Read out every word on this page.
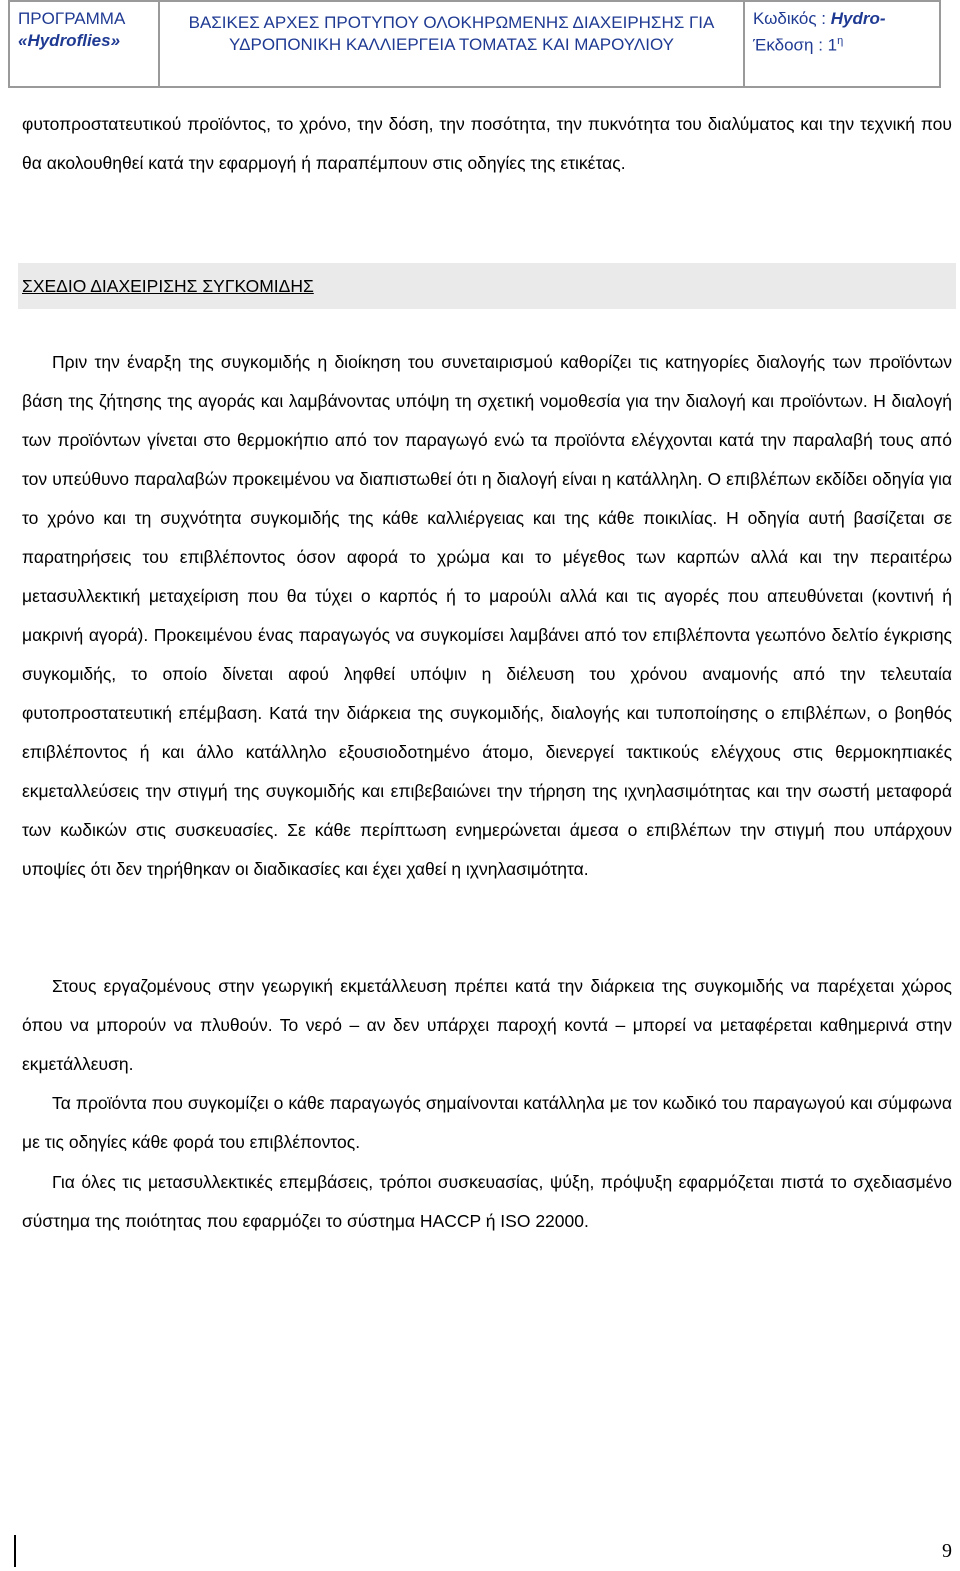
ΠΡΟΓΡΑΜΜΑ
«Hydroflies»
ΒΑΣΙΚΕΣ ΑΡΧΕΣ ΠΡΟΤΥΠΟΥ ΟΛΟΚΗΡΩΜΕΝΗΣ ΔΙΑΧΕΙΡΗΣΗΣ ΓΙΑ
ΥΔΡΟΠΟΝΙΚΗ ΚΑΛΛΙΕΡΓΕΙΑ ΤΟΜΑΤΑΣ ΚΑΙ ΜΑΡΟΥΛΙΟΥ
Κωδικός : Hydro-
Έκδοση : $1^\eta$
φυτοπροστατευτικού προϊόντος, το χρόνο, την δόση, την ποσότητα, την πυκνότητα του διαλύματος και την τεχνική που θα ακολουθηθεί κατά την εφαρμογή ή παραπέμπουν στις οδηγίες της ετικέτας.
ΣΧΕΔΙΟ ΔΙΑΧΕΙΡΙΣΗΣ ΣΥΓΚΟΜΙΔΗΣ
Πριν την έναρξη της συγκομιδής η διοίκηση του συνεταιρισμού καθορίζει τις κατηγορίες διαλογής των προϊόντων βάση της ζήτησης της αγοράς και λαμβάνοντας υπόψη τη σχετική νομοθεσία για την διαλογή και προϊόντων. Η διαλογή των προϊόντων γίνεται στο θερμοκήπιο από τον παραγωγό ενώ τα προϊόντα ελέγχονται κατά την παραλαβή τους από τον υπεύθυνο παραλαβών προκειμένου να διαπιστωθεί ότι η διαλογή είναι η κατάλληλη. Ο επιβλέπων εκδίδει οδηγία για το χρόνο και τη συχνότητα συγκομιδής της κάθε καλλιέργειας και της κάθε ποικιλίας. Η οδηγία αυτή βασίζεται σε παρατηρήσεις του επιβλέποντος όσον αφορά το χρώμα και το μέγεθος των καρπών αλλά και την περαιτέρω μετασυλλεκτική μεταχείριση που θα τύχει ο καρπός ή το μαρούλι αλλά και τις αγορές που απευθύνεται (κοντινή ή μακρινή αγορά). Προκειμένου ένας παραγωγός να συγκομίσει λαμβάνει από τον επιβλέποντα γεωπόνο δελτίο έγκρισης συγκομιδής, το οποίο δίνεται αφού ληφθεί υπόψιν η διέλευση του χρόνου αναμονής από την τελευταία φυτοπροστατευτική επέμβαση. Κατά την διάρκεια της συγκομιδής, διαλογής και τυποποίησης ο επιβλέπων, ο βοηθός επιβλέποντος ή και άλλο κατάλληλο εξουσιοδοτημένο άτομο, διενεργεί τακτικούς ελέγχους στις θερμοκηπιακές εκμεταλλεύσεις την στιγμή της συγκομιδής και επιβεβαιώνει την τήρηση της ιχνηλασιμότητας και την σωστή μεταφορά των κωδικών στις συσκευασίες. Σε κάθε περίπτωση ενημερώνεται άμεσα ο επιβλέπων την στιγμή που υπάρχουν υποψίες ότι δεν τηρήθηκαν οι διαδικασίες και έχει χαθεί η ιχνηλασιμότητα.
Στους εργαζομένους στην γεωργική εκμετάλλευση πρέπει κατά την διάρκεια της συγκομιδής να παρέχεται χώρος όπου να μπορούν να πλυθούν. Το νερό – αν δεν υπάρχει παροχή κοντά – μπορεί να μεταφέρεται καθημερινά στην εκμετάλλευση.
Τα προϊόντα που συγκομίζει ο κάθε παραγωγός σημαίνονται κατάλληλα με τον κωδικό του παραγωγού και σύμφωνα με τις οδηγίες κάθε φορά του επιβλέποντος.
Για όλες τις μετασυλλεκτικές επεμβάσεις, τρόποι συσκευασίας, ψύξη, πρόψυξη εφαρμόζεται πιστά το σχεδιασμένο σύστημα της ποιότητας που εφαρμόζει το σύστημα HACCP ή ISO 22000.
9
